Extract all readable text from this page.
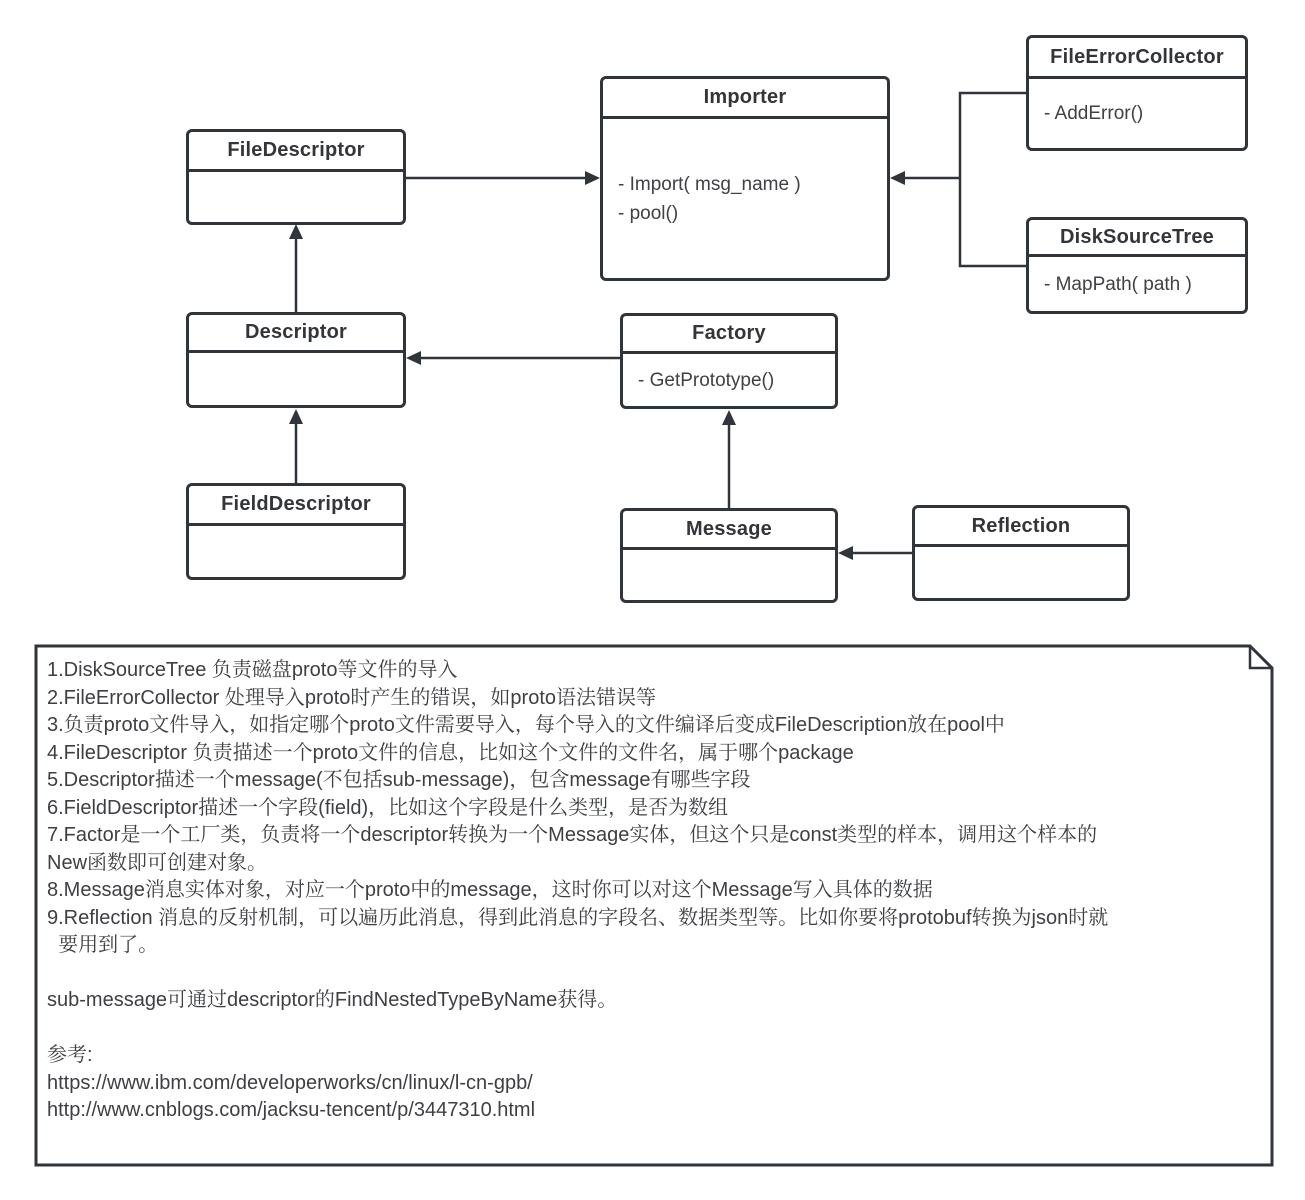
FileDescriptor
Importer
- Import( msg_name )
- pool()
FileErrorCollector
- AddError()
DiskSourceTree
- MapPath( path )
Descriptor	Factory
- GetPrototype()
FieldDescriptor
Message	Reflection
1.DiskSourceTree 负责磁盘proto等文件的导入
2.FileErrorCollector 处理导入proto时产生的错误，如proto语法错误等
3.负责proto文件导入，如指定哪个proto文件需要导入，每个导入的文件编译后变成FileDescription放在pool中
4.FileDescriptor 负责描述一个proto文件的信息，比如这个文件的文件名，属于哪个package
5.Descriptor描述一个message(不包括sub-message)，包含message有哪些字段
6.FieldDescriptor描述一个字段(field)，比如这个字段是什么类型，是否为数组
7.Factor是一个工厂类，负责将一个descriptor转换为一个Message实体，但这个只是const类型的样本，调用这个样本的
New函数即可创建对象。
8.Message消息实体对象，对应一个proto中的message，这时你可以对这个Message写入具体的数据
9.Reflection 消息的反射机制，可以遍历此消息，得到此消息的字段名、数据类型等。比如你要将protobuf转换为json时就
要用到了。
sub-message可通过descriptor的FindNestedTypeByName获得。
参考:
https://www.ibm.com/developerworks/cn/linux/l-cn-gpb/
http://www.cnblogs.com/jacksu-tencent/p/3447310.html
